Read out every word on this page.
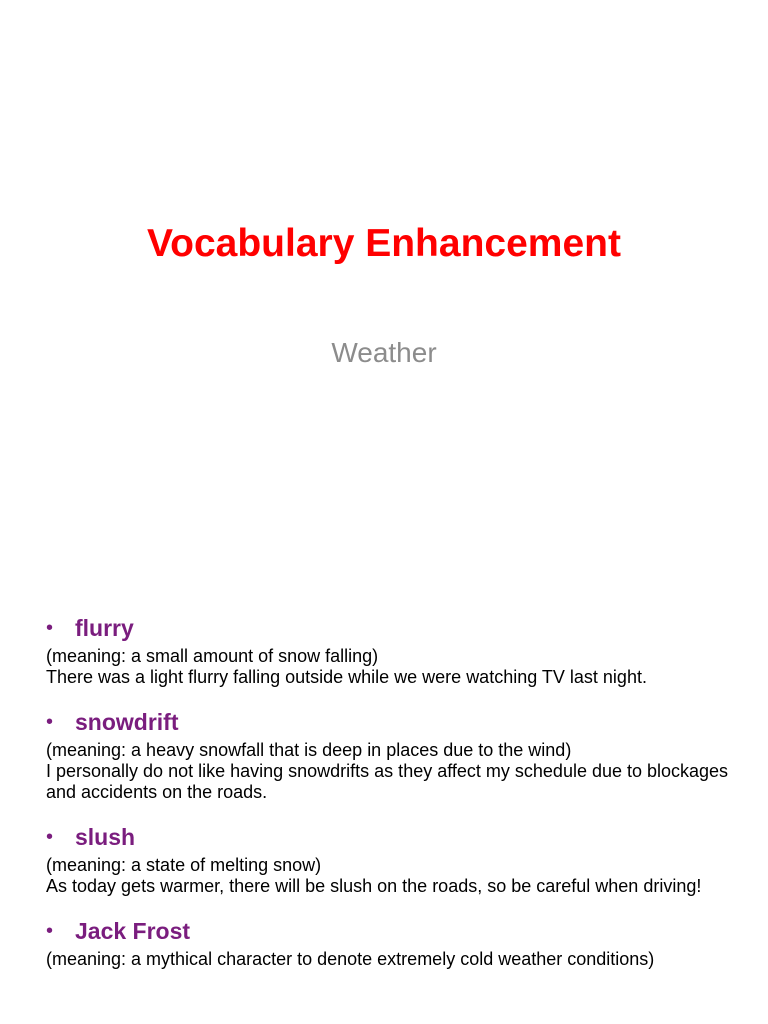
Vocabulary Enhancement
Weather
• flurry
(meaning: a small amount of snow falling)
There was a light flurry falling outside while we were watching TV last night.
• snowdrift
(meaning: a heavy snowfall that is deep in places due to the wind)
I personally do not like having snowdrifts as they affect my schedule due to blockages and accidents on the roads.
• slush
(meaning: a state of melting snow)
As today gets warmer, there will be slush on the roads, so be careful when driving!
• Jack Frost
(meaning: a mythical character to denote extremely cold weather conditions)
